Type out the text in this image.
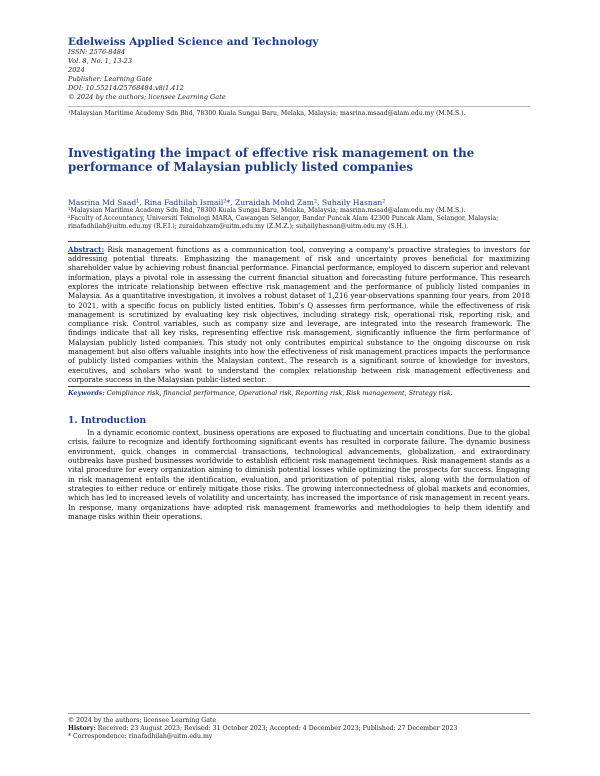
Edelweiss Applied Science and Technology
ISSN: 2576-8484
Vol. 8, No. 1, 13-23
2024
Publisher: Learning Gate
DOI: 10.55214/25768484.v8i1.412
© 2024 by the authors; licensee Learning Gate
¹Malaysian Maritime Academy Sdn Bhd, 78300 Kuala Sungai Baru, Melaka, Malaysia; masrina.msaad@alam.edu.my (M.M.S.).
Investigating the impact of effective risk management on the performance of Malaysian publicly listed companies
Masrina Md Saad¹, Rina Fadhilah Ismail²*, Zuraidah Mohd Zam², Suhaily Hasnan²
¹Malaysian Maritime Academy Sdn Bhd, 78300 Kuala Sungai Baru, Melaka, Malaysia; masrina.msaad@alam.edu.my (M.M.S.).
²Faculty of Accountancy, Universiti Teknologi MARA, Cawangan Selangor, Bandar Puncak Alam 42300 Puncak Alam, Selangor, Malaysia; rinafadhilah@uitm.edu.my (R.F.I.); zuraidahzam@uitm.edu.my (Z.M.Z.); suhailyhasnan@uitm.edu.my (S.H.).
Abstract: Risk management functions as a communication tool, conveying a company's proactive strategies to investors for addressing potential threats. Emphasizing the management of risk and uncertainty proves beneficial for maximizing shareholder value by achieving robust financial performance. Financial performance, employed to discern superior and relevant information, plays a pivotal role in assessing the current financial situation and forecasting future performance. This research explores the intricate relationship between effective risk management and the performance of publicly listed companies in Malaysia. As a quantitative investigation, it involves a robust dataset of 1,216 year-observations spanning four years, from 2018 to 2021, with a specific focus on publicly listed entities. Tobin's Q assesses firm performance, while the effectiveness of risk management is scrutinized by evaluating key risk objectives, including strategy risk, operational risk, reporting risk, and compliance risk. Control variables, such as company size and leverage, are integrated into the research framework. The findings indicate that all key risks, representing effective risk management, significantly influence the firm performance of Malaysian publicly listed companies. This study not only contributes empirical substance to the ongoing discourse on risk management but also offers valuable insights into how the effectiveness of risk management practices impacts the performance of publicly listed companies within the Malaysian context. The research is a significant source of knowledge for investors, executives, and scholars who want to understand the complex relationship between risk management effectiveness and corporate success in the Malaysian public-listed sector.
Keywords: Compliance risk, financial performance, Operational risk, Reporting risk, Risk management, Strategy risk.
1. Introduction
In a dynamic economic context, business operations are exposed to fluctuating and uncertain conditions. Due to the global crisis, failure to recognize and identify forthcoming significant events has resulted in corporate failure. The dynamic business environment, quick changes in commercial transactions, technological advancements, globalization, and extraordinary outbreaks have pushed businesses worldwide to establish efficient risk management techniques. Risk management stands as a vital procedure for every organization aiming to diminish potential losses while optimizing the prospects for success. Engaging in risk management entails the identification, evaluation, and prioritization of potential risks, along with the formulation of strategies to either reduce or entirely mitigate those risks. The growing interconnectedness of global markets and economies, which has led to increased levels of volatility and uncertainty, has increased the importance of risk management in recent years. In response, many organizations have adopted risk management frameworks and methodologies to help them identify and manage risks within their operations.
© 2024 by the authors; licensee Learning Gate
History: Received: 23 August 2023; Revised: 31 October 2023; Accepted: 4 December 2023; Published: 27 December 2023
* Correspondence: rinafadhilah@uitm.edu.my
